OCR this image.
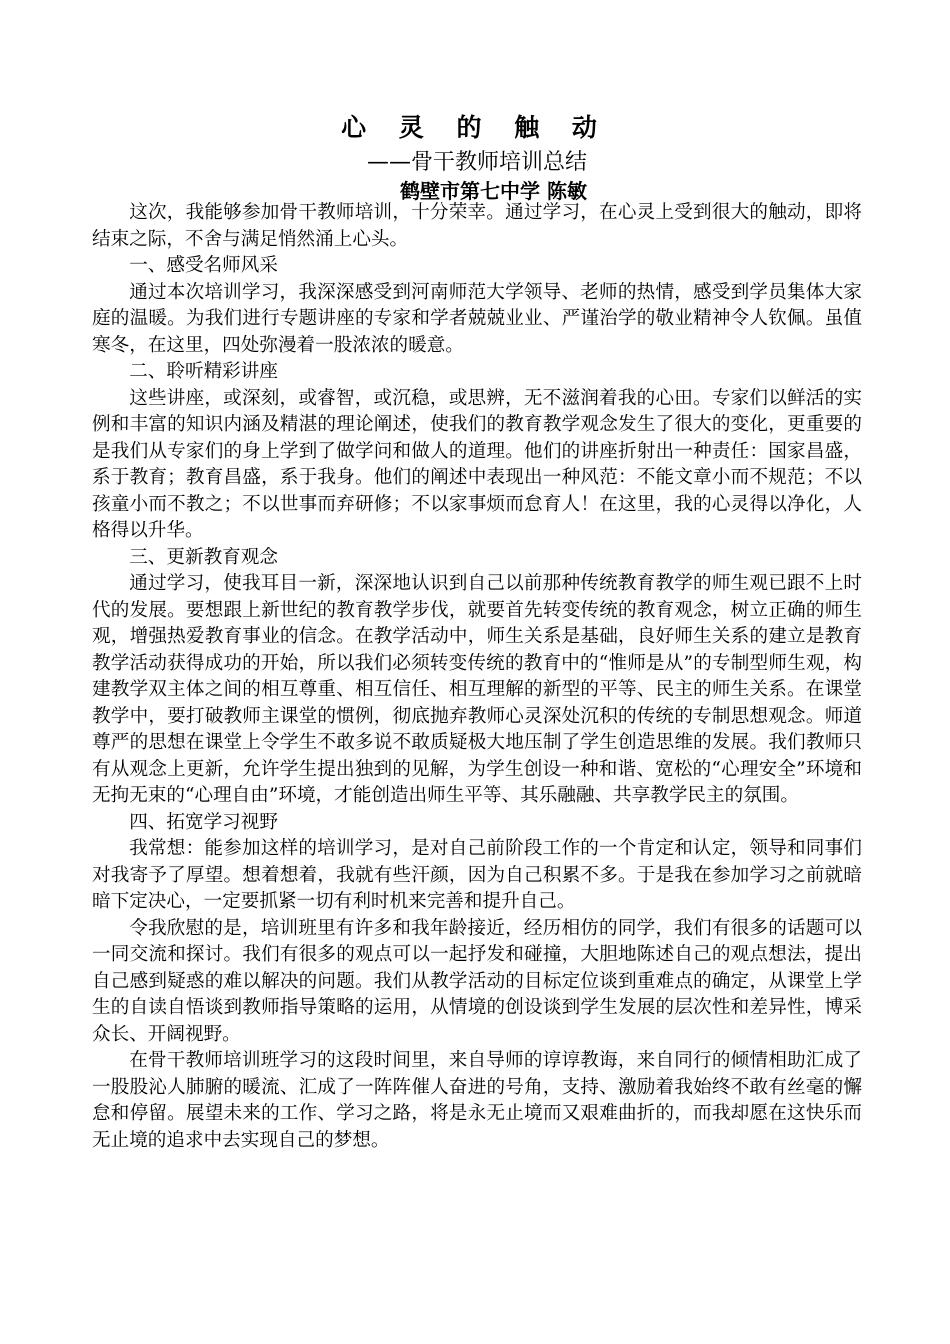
心 灵 的 触 动
——骨干教师培训总结
鹤壁市第七中学 陈敏

这次，我能够参加骨干教师培训，十分荣幸。通过学习，在心灵上受到很大的触动，即将结束之际，不舍与满足悄然涌上心头。

一、感受名师风采

通过本次培训学习，我深深感受到河南师范大学领导、老师的热情，感受到学员集体大家庭的温暖。为我们进行专题讲座的专家和学者兢兢业业、严谨治学的敬业精神令人钦佩。虽值寒冬，在这里，四处弥漫着一股浓浓的暖意。

二、聆听精彩讲座

这些讲座，或深刻，或睿智，或沉稳，或思辨，无不滋润着我的心田。专家们以鲜活的实例和丰富的知识内涵及精湛的理论阐述，使我们的教育教学观念发生了很大的变化，更重要的是我们从专家们的身上学到了做学问和做人的道理。他们的讲座折射出一种责任：国家昌盛，系于教育；教育昌盛，系于我身。他们的阐述中表现出一种风范：不能文章小而不规范；不以孩童小而不教之；不以世事而弃研修；不以家事烦而怠育人！在这里，我的心灵得以净化，人格得以升华。

三、更新教育观念

通过学习，使我耳目一新，深深地认识到自己以前那种传统教育教学的师生观已跟不上时代的发展。要想跟上新世纪的教育教学步伐，就要首先转变传统的教育观念，树立正确的师生观，增强热爱教育事业的信念。在教学活动中，师生关系是基础，良好师生关系的建立是教育教学活动获得成功的开始，所以我们必须转变传统的教育中的“惟师是从”的专制型师生观，构建教学双主体之间的相互尊重、相互信任、相互理解的新型的平等、民主的师生关系。在课堂教学中，要打破教师主课堂的惯例，彻底抛弃教师心灵深处沉积的传统的专制思想观念。师道尊严的思想在课堂上令学生不敢多说不敢质疑极大地压制了学生创造思维的发展。我们教师只有从观念上更新，允许学生提出独到的见解，为学生创设一种和谐、宽松的“心理安全”环境和无拘无束的“心理自由”环境，才能创造出师生平等、其乐融融、共享教学民主的氛围。

四、拓宽学习视野

我常想：能参加这样的培训学习，是对自己前阶段工作的一个肯定和认定，领导和同事们对我寄予了厚望。想着想着，我就有些汗颜，因为自己积累不多。于是我在参加学习之前就暗暗下定决心，一定要抓紧一切有利时机来完善和提升自己。

令我欣慰的是，培训班里有许多和我年龄接近，经历相仿的同学，我们有很多的话题可以一同交流和探讨。我们有很多的观点可以一起抒发和碰撞，大胆地陈述自己的观点想法，提出自己感到疑惑的难以解决的问题。我们从教学活动的目标定位谈到重难点的确定，从课堂上学生的自读自悟谈到教师指导策略的运用，从情境的创设谈到学生发展的层次性和差异性，博采众长、开阔视野。

在骨干教师培训班学习的这段时间里，来自导师的谆谆教诲，来自同行的倾情相助汇成了一股股沁人肺腑的暖流、汇成了一阵阵催人奋进的号角，支持、激励着我始终不敢有丝毫的懈怠和停留。展望未来的工作、学习之路，将是永无止境而又艰难曲折的，而我却愿在这快乐而无止境的追求中去实现自己的梦想。
